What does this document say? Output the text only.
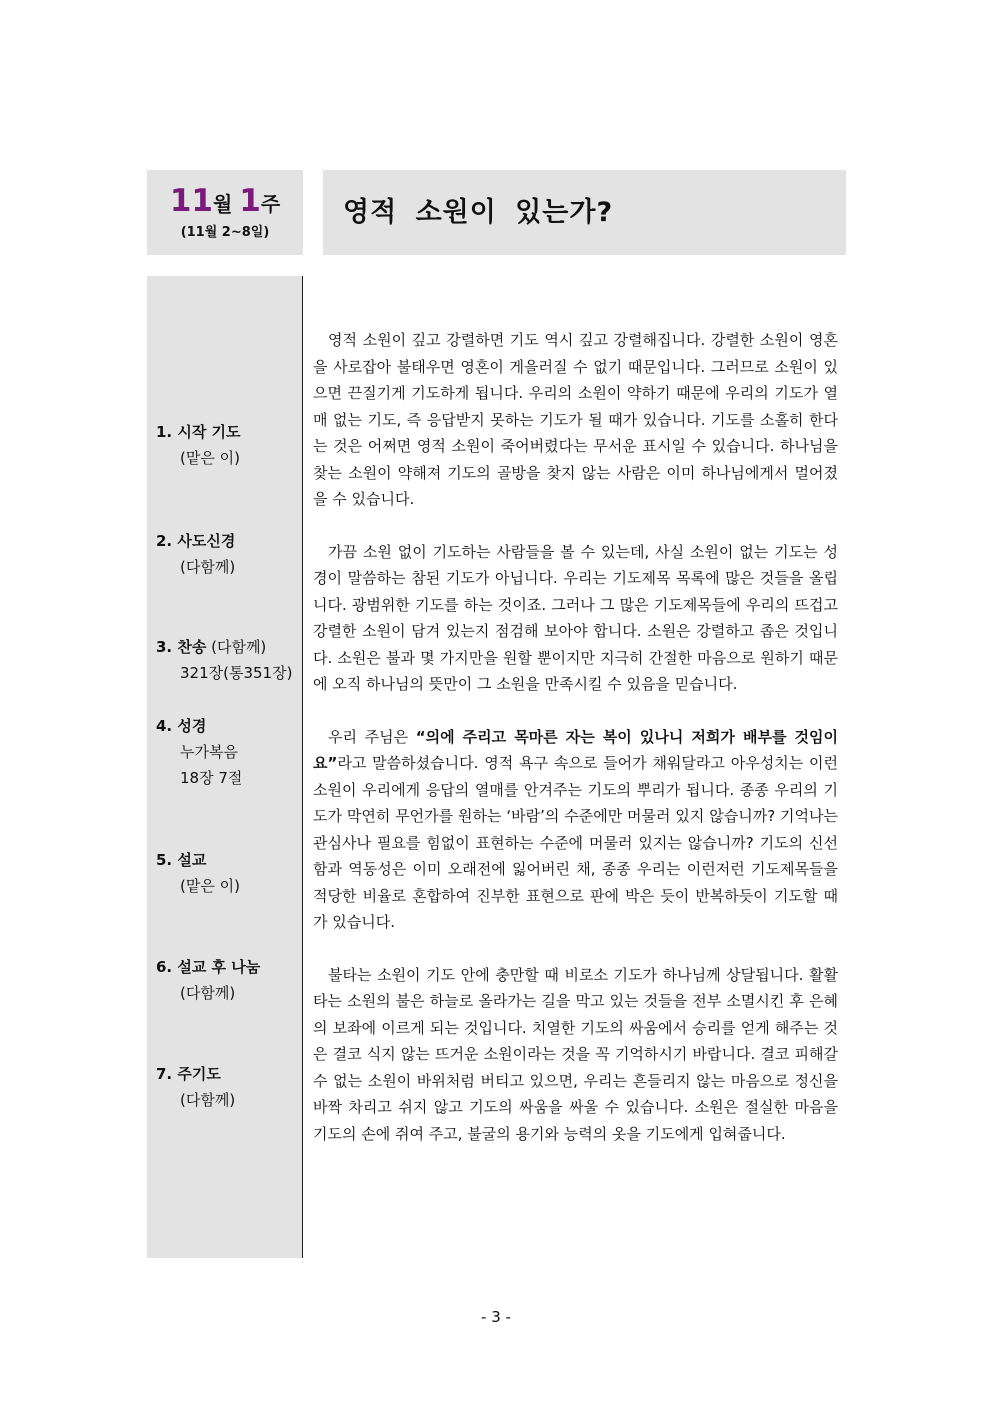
11월 1주
(11월 2~8일)
영적 소원이 있는가?
1. 시작 기도
(맡은 이)
2. 사도신경
(다함께)
3. 찬송 (다함께)
321장(통351장)
4. 성경
누가복음
18장 7절
5. 설교
(맡은 이)
6. 설교 후 나눔
(다함께)
7. 주기도
(다함께)

영적 소원이 깊고 강렬하면 기도 역시 깊고 강렬해집니다. 강렬한 소원이 영혼을 사로잡아 불태우면 영혼이 게을러질 수 없기 때문입니다. 그러므로 소원이 있으면 끈질기게 기도하게 됩니다. 우리의 소원이 약하기 때문에 우리의 기도가 열매 없는 기도, 즉 응답받지 못하는 기도가 될 때가 있습니다. 기도를 소홀히 한다는 것은 어쩌면 영적 소원이 죽어버렸다는 무서운 표시일 수 있습니다. 하나님을 찾는 소원이 약해져 기도의 골방을 찾지 않는 사람은 이미 하나님에게서 멀어졌을 수 있습니다.

가끔 소원 없이 기도하는 사람들을 볼 수 있는데, 사실 소원이 없는 기도는 성경이 말씀하는 참된 기도가 아닙니다. 우리는 기도제목 목록에 많은 것들을 올립니다. 광범위한 기도를 하는 것이죠. 그러나 그 많은 기도제목들에 우리의 뜨겁고 강렬한 소원이 담겨 있는지 점검해 보아야 합니다. 소원은 강렬하고 좁은 것입니다. 소원은 불과 몇 가지만을 원할 뿐이지만 지극히 간절한 마음으로 원하기 때문에 오직 하나님의 뜻만이 그 소원을 만족시킬 수 있음을 믿습니다.

우리 주님은 “의에 주리고 목마른 자는 복이 있나니 저희가 배부를 것임이요”라고 말씀하셨습니다. 영적 욕구 속으로 들어가 채워달라고 아우성치는 이런 소원이 우리에게 응답의 열매를 안겨주는 기도의 뿌리가 됩니다. 종종 우리의 기도가 막연히 무언가를 원하는 ‘바람’의 수준에만 머물러 있지 않습니까? 기억나는 관심사나 필요를 힘없이 표현하는 수준에 머물러 있지는 않습니까? 기도의 신선함과 역동성은 이미 오래전에 잃어버린 채, 종종 우리는 이런저런 기도제목들을 적당한 비율로 혼합하여 진부한 표현으로 판에 박은 듯이 반복하듯이 기도할 때가 있습니다.

불타는 소원이 기도 안에 충만할 때 비로소 기도가 하나님께 상달됩니다. 활활 타는 소원의 불은 하늘로 올라가는 길을 막고 있는 것들을 전부 소멸시킨 후 은혜의 보좌에 이르게 되는 것입니다. 치열한 기도의 싸움에서 승리를 얻게 해주는 것은 결코 식지 않는 뜨거운 소원이라는 것을 꼭 기억하시기 바랍니다. 결코 피해갈 수 없는 소원이 바위처럼 버티고 있으면, 우리는 흔들리지 않는 마음으로 정신을 바짝 차리고 쉬지 않고 기도의 싸움을 싸울 수 있습니다. 소원은 절실한 마음을 기도의 손에 쥐여 주고, 불굴의 용기와 능력의 옷을 기도에게 입혀줍니다.

- 3 -
